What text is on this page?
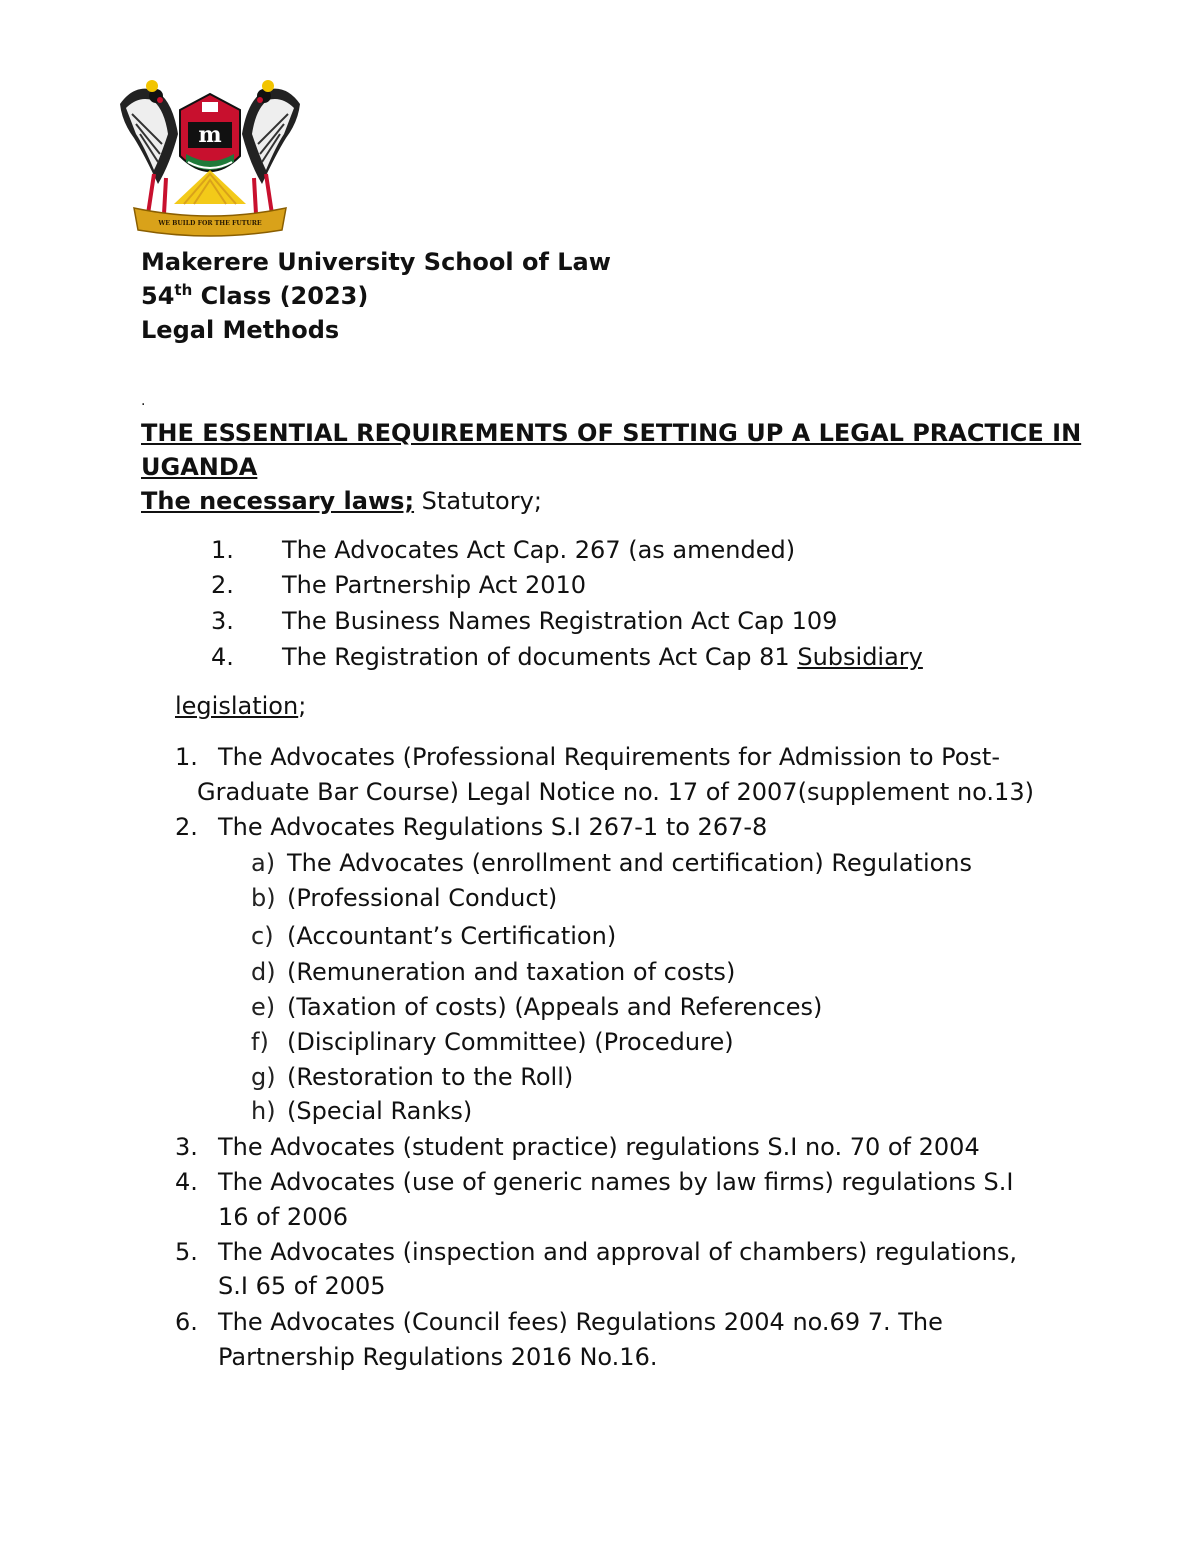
m
WE BUILD FOR THE FUTURE
Makerere University School of Law
54th Class (2023)
Legal Methods
.
THE ESSENTIAL REQUIREMENTS OF SETTING UP A LEGAL PRACTICE IN UGANDA
The necessary laws; Statutory;
1. The Advocates Act Cap. 267 (as amended)
2. The Partnership Act 2010
3. The Business Names Registration Act Cap 109
4. The Registration of documents Act Cap 81 Subsidiary
legislation;
1. The Advocates (Professional Requirements for Admission to Post-
Graduate Bar Course) Legal Notice no. 17 of 2007(supplement no.13)
2. The Advocates Regulations S.I 267-1 to 267-8
a) The Advocates (enrollment and certification) Regulations
b) (Professional Conduct)
c) (Accountant’s Certification)
d) (Remuneration and taxation of costs)
e) (Taxation of costs) (Appeals and References)
f) (Disciplinary Committee) (Procedure)
g) (Restoration to the Roll)
h) (Special Ranks)
3. The Advocates (student practice) regulations S.I no. 70 of 2004
4. The Advocates (use of generic names by law firms) regulations S.I
16 of 2006
5. The Advocates (inspection and approval of chambers) regulations,
S.I 65 of 2005
6. The Advocates (Council fees) Regulations 2004 no.69 7. The
Partnership Regulations 2016 No.16.
